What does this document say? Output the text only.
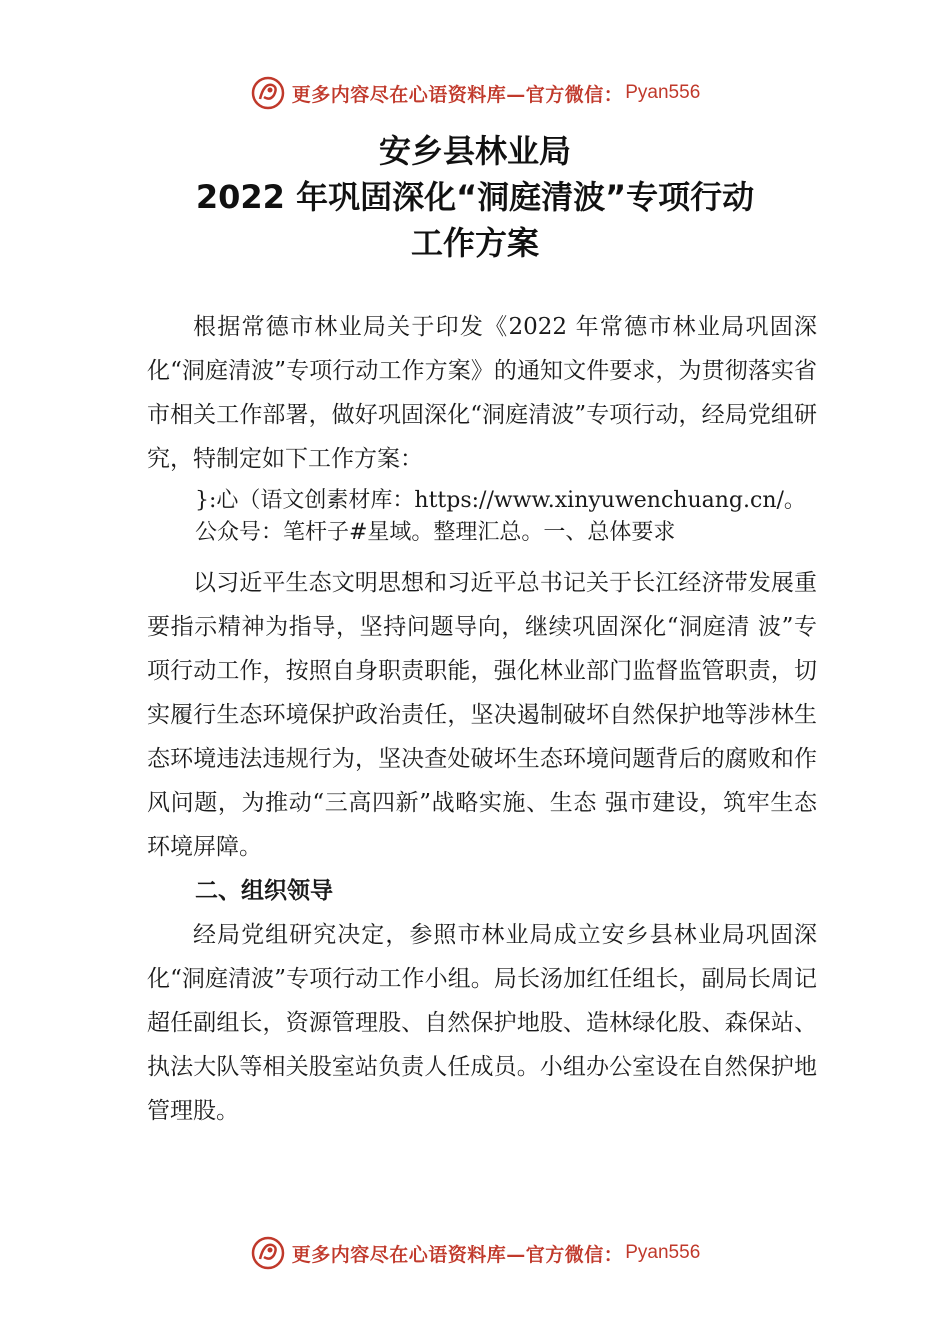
更多内容尽在心语资料库—官方微信： Pyan556
安乡县林业局
2022 年巩固深化“洞庭清波”专项行动
工作方案

根据常德市林业局关于印发《2022 年常德市林业局巩固深化“洞庭清波”专项行动工作方案》的通知文件要求，为贯彻落实省市相关工作部署，做好巩固深化“洞庭清波”专项行动，经局党组研究，特制定如下工作方案：

}:心（语文创素材库：https://www.xinyuwenchuang.cn/。公众号：笔杆子#星域。整理汇总。一、总体要求

以习近平生态文明思想和习近平总书记关于长江经济带发展重要指示精神为指导，坚持问题导向，继续巩固深化“洞庭清 波”专项行动工作，按照自身职责职能，强化林业部门监督监管职责，切实履行生态环境保护政治责任，坚决遏制破坏自然保护地等涉林生态环境违法违规行为，坚决查处破坏生态环境问题背后的腐败和作风问题，为推动“三高四新”战略实施、生态 强市建设，筑牢生态环境屏障。

二、组织领导

经局党组研究决定，参照市林业局成立安乡县林业局巩固深化“洞庭清波”专项行动工作小组。局长汤加红任组长，副局长周记超任副组长，资源管理股、自然保护地股、造林绿化股、森保站、执法大队等相关股室站负责人任成员。小组办公室设在自然保护地管理股。

更多内容尽在心语资料库—官方微信： Pyan556
